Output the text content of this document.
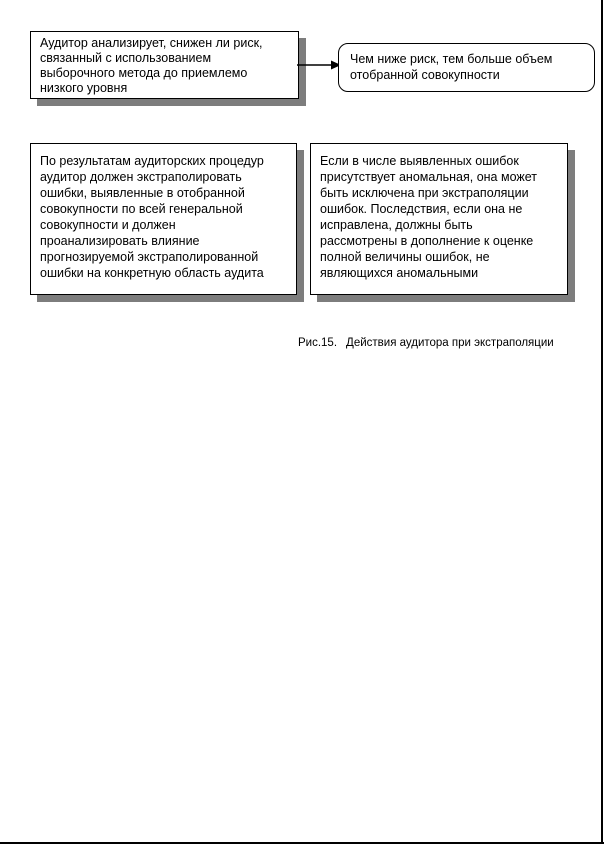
Аудитор анализирует, снижен ли риск,
связанный с использованием
выборочного метода до приемлемо
низкого уровня
Чем ниже риск, тем больше объем
отобранной совокупности
По результатам аудиторских процедур
аудитор должен экстраполировать
ошибки, выявленные в отобранной
совокупности по всей генеральной
совокупности и должен
проанализировать влияние
прогнозируемой экстраполированной
ошибки на конкретную область аудита
Если в числе выявленных ошибок
присутствует аномальная, она может
быть исключена при экстраполяции
ошибок. Последствия, если она не
исправлена, должны быть
рассмотрены в дополнение к оценке
полной величины ошибок, не
являющихся аномальными
Рис.15. Действия аудитора при экстраполяции
